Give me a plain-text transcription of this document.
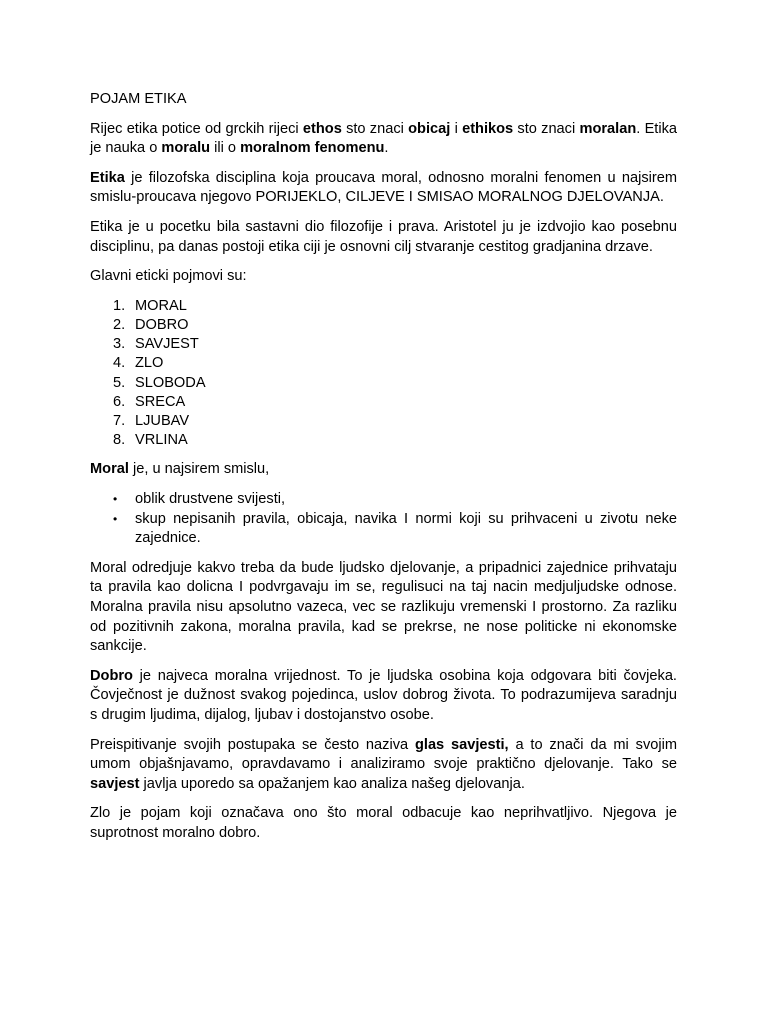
POJAM ETIKA

Rijec etika potice od grckih rijeci ethos sto znaci obicaj i ethikos sto znaci moralan. Etika je nauka o moralu ili o moralnom fenomenu.

Etika je filozofska disciplina koja proucava moral, odnosno moralni fenomen u najsirem smislu-proucava njegovo PORIJEKLO, CILJEVE I SMISAO MORALNOG DJELOVANJA.

Etika je u pocetku bila sastavni dio filozofije i prava. Aristotel ju je izdvojio kao posebnu disciplinu, pa danas postoji etika ciji je osnovni cilj stvaranje cestitog gradjanina drzave.

Glavni eticki pojmovi su:

1. MORAL
2. DOBRO
3. SAVJEST
4. ZLO
5. SLOBODA
6. SRECA
7. LJUBAV
8. VRLINA

Moral je, u najsirem smislu,

• oblik drustvene svijesti,
• skup nepisanih pravila, obicaja, navika I normi koji su prihvaceni u zivotu neke zajednice.

Moral odredjuje kakvo treba da bude ljudsko djelovanje, a pripadnici zajednice prihvataju ta pravila kao dolicna I podvrgavaju im se, regulisuci na taj nacin medjuljudske odnose. Moralna pravila nisu apsolutno vazeca, vec se razlikuju vremenski I prostorno. Za razliku od pozitivnih zakona, moralna pravila, kad se prekrse, ne nose politicke ni ekonomske sankcije.

Dobro je najveca moralna vrijednost. To je ljudska osobina koja odgovara biti čovjeka. Čovječnost je dužnost svakog pojedinca, uslov dobrog života. To podrazumijeva saradnju s drugim ljudima, dijalog, ljubav i dostojanstvo osobe.

Preispitivanje svojih postupaka se često naziva glas savjesti, a to znači da mi svojim umom objašnjavamo, opravdavamo i analiziramo svoje praktično djelovanje. Tako se savjest javlja uporedo sa opažanjem kao analiza našeg djelovanja.

Zlo je pojam koji označava ono što moral odbacuje kao neprihvatljivo. Njegova je suprotnost moralno dobro.
